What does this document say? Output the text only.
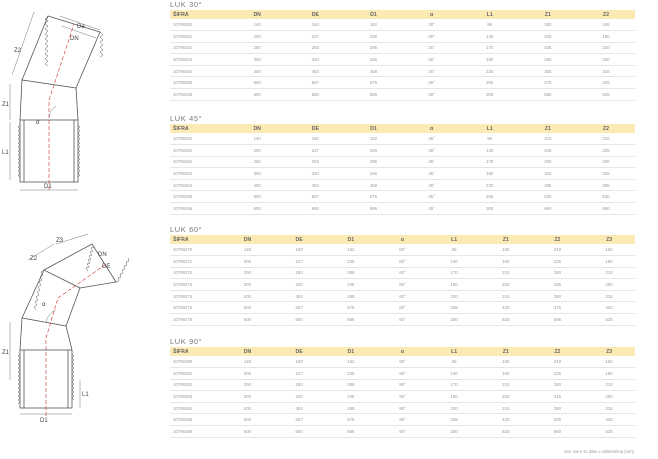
De
DN
Z2
Z1
L1
D1
α
Z3
Z2
DN
DE
Z1
L1
D1
α
LUK 30°
ŠIFRA	DN	DE	D1	α	L1	Z1	Z2
10799250	140	160	162	30°	95	180	165
10799251	200	227	230	30°	140	200	180
10799252	250	283	286	30°	170	235	210
10799253	300	340	346	30°	180	260	250
10799254	400	453	458	30°	230	355	315
10799255	500	567	575	30°	255	475	425
10799256	600	680	686	30°	300	595	525
LUK 45°
ŠIFRA	DN	DE	D1	α	L1	Z1	Z2
10799260	140	160	162	45°	95	210	210
10799261	200	227	230	45°	140	225	225
10799262	250	283	286	45°	170	260	260
10799263	300	340	346	45°	180	315	315
10799264	400	453	458	45°	230	395	395
10799265	500	567	575	45°	255	530	530
10799266	600	680	686	45°	300	660	660
LUK 60°
ŠIFRA	DN	DE	D1	α	L1	Z1	Z2	Z3
10799270	140	160	162	60°	95	165	210	165
10799271	200	227	230	60°	140	180	225	180
10799272	250	283	286	60°	170	210	260	210
10799273	300	340	346	60°	180	250	285	250
10799274	400	453	458	60°	230	315	350	315
10799275	500	567	575	60°	255	420	475	420
10799276	600	680	686	60°	300	525	595	525
LUK 90°
ŠIFRA	DN	DE	D1	α	L1	Z1	Z2	Z3
10799280	140	160	162	90°	95	165	210	165
10799281	200	227	230	90°	140	180	225	180
10799282	250	283	286	90°	170	210	260	210
10799283	300	340	346	90°	180	250	315	250
10799284	400	453	458	90°	230	315	350	315
10799285	500	567	575	90°	255	420	530	425
10799286	600	680	686	90°	300	525	660	525
Sve mere su date u milimetrima (mm)
